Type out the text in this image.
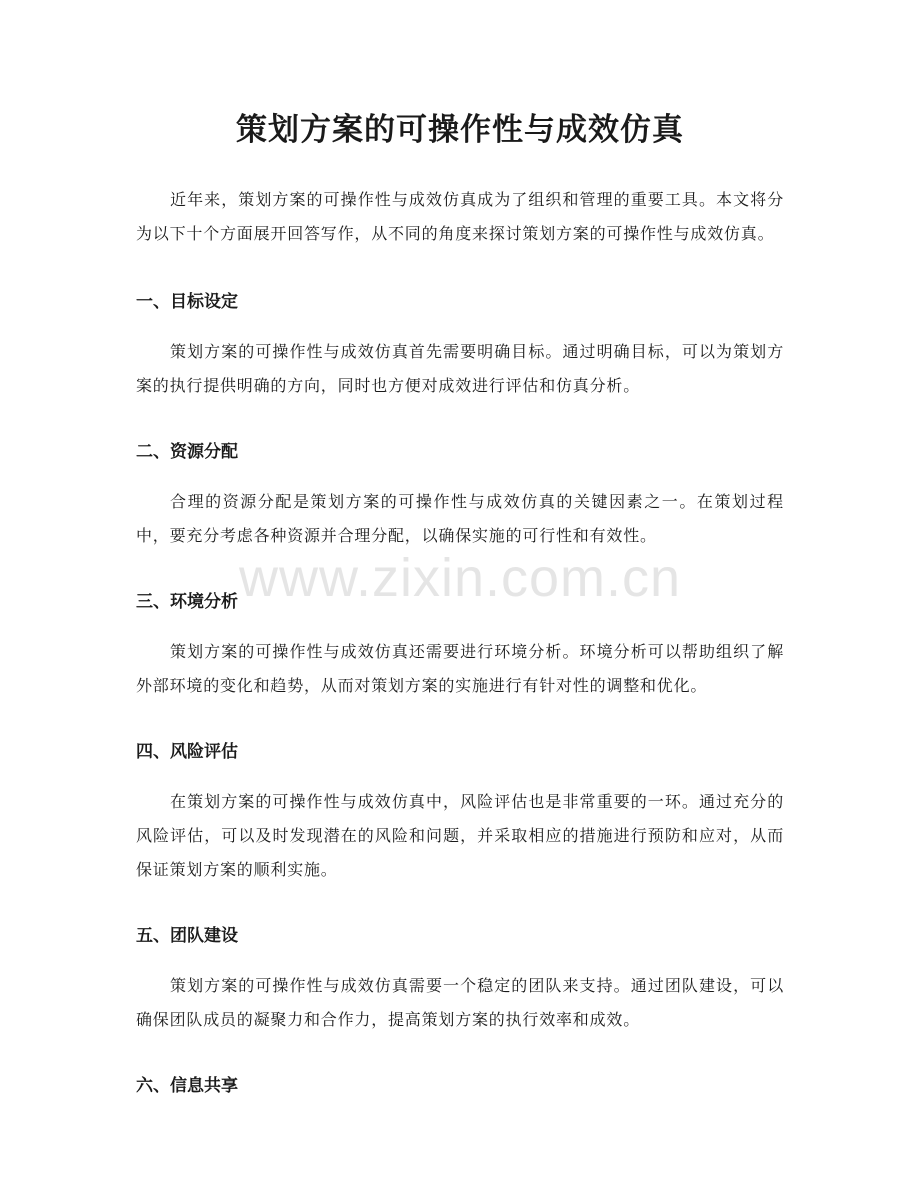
策划方案的可操作性与成效仿真

近年来，策划方案的可操作性与成效仿真成为了组织和管理的重要工具。本文将分为以下十个方面展开回答写作，从不同的角度来探讨策划方案的可操作性与成效仿真。

一、目标设定

策划方案的可操作性与成效仿真首先需要明确目标。通过明确目标，可以为策划方案的执行提供明确的方向，同时也方便对成效进行评估和仿真分析。

二、资源分配

合理的资源分配是策划方案的可操作性与成效仿真的关键因素之一。在策划过程中，要充分考虑各种资源并合理分配，以确保实施的可行性和有效性。

三、环境分析

策划方案的可操作性与成效仿真还需要进行环境分析。环境分析可以帮助组织了解外部环境的变化和趋势，从而对策划方案的实施进行有针对性的调整和优化。

四、风险评估

在策划方案的可操作性与成效仿真中，风险评估也是非常重要的一环。通过充分的风险评估，可以及时发现潜在的风险和问题，并采取相应的措施进行预防和应对，从而保证策划方案的顺利实施。

五、团队建设

策划方案的可操作性与成效仿真需要一个稳定的团队来支持。通过团队建设，可以确保团队成员的凝聚力和合作力，提高策划方案的执行效率和成效。

六、信息共享
www.zixin.com.cn
